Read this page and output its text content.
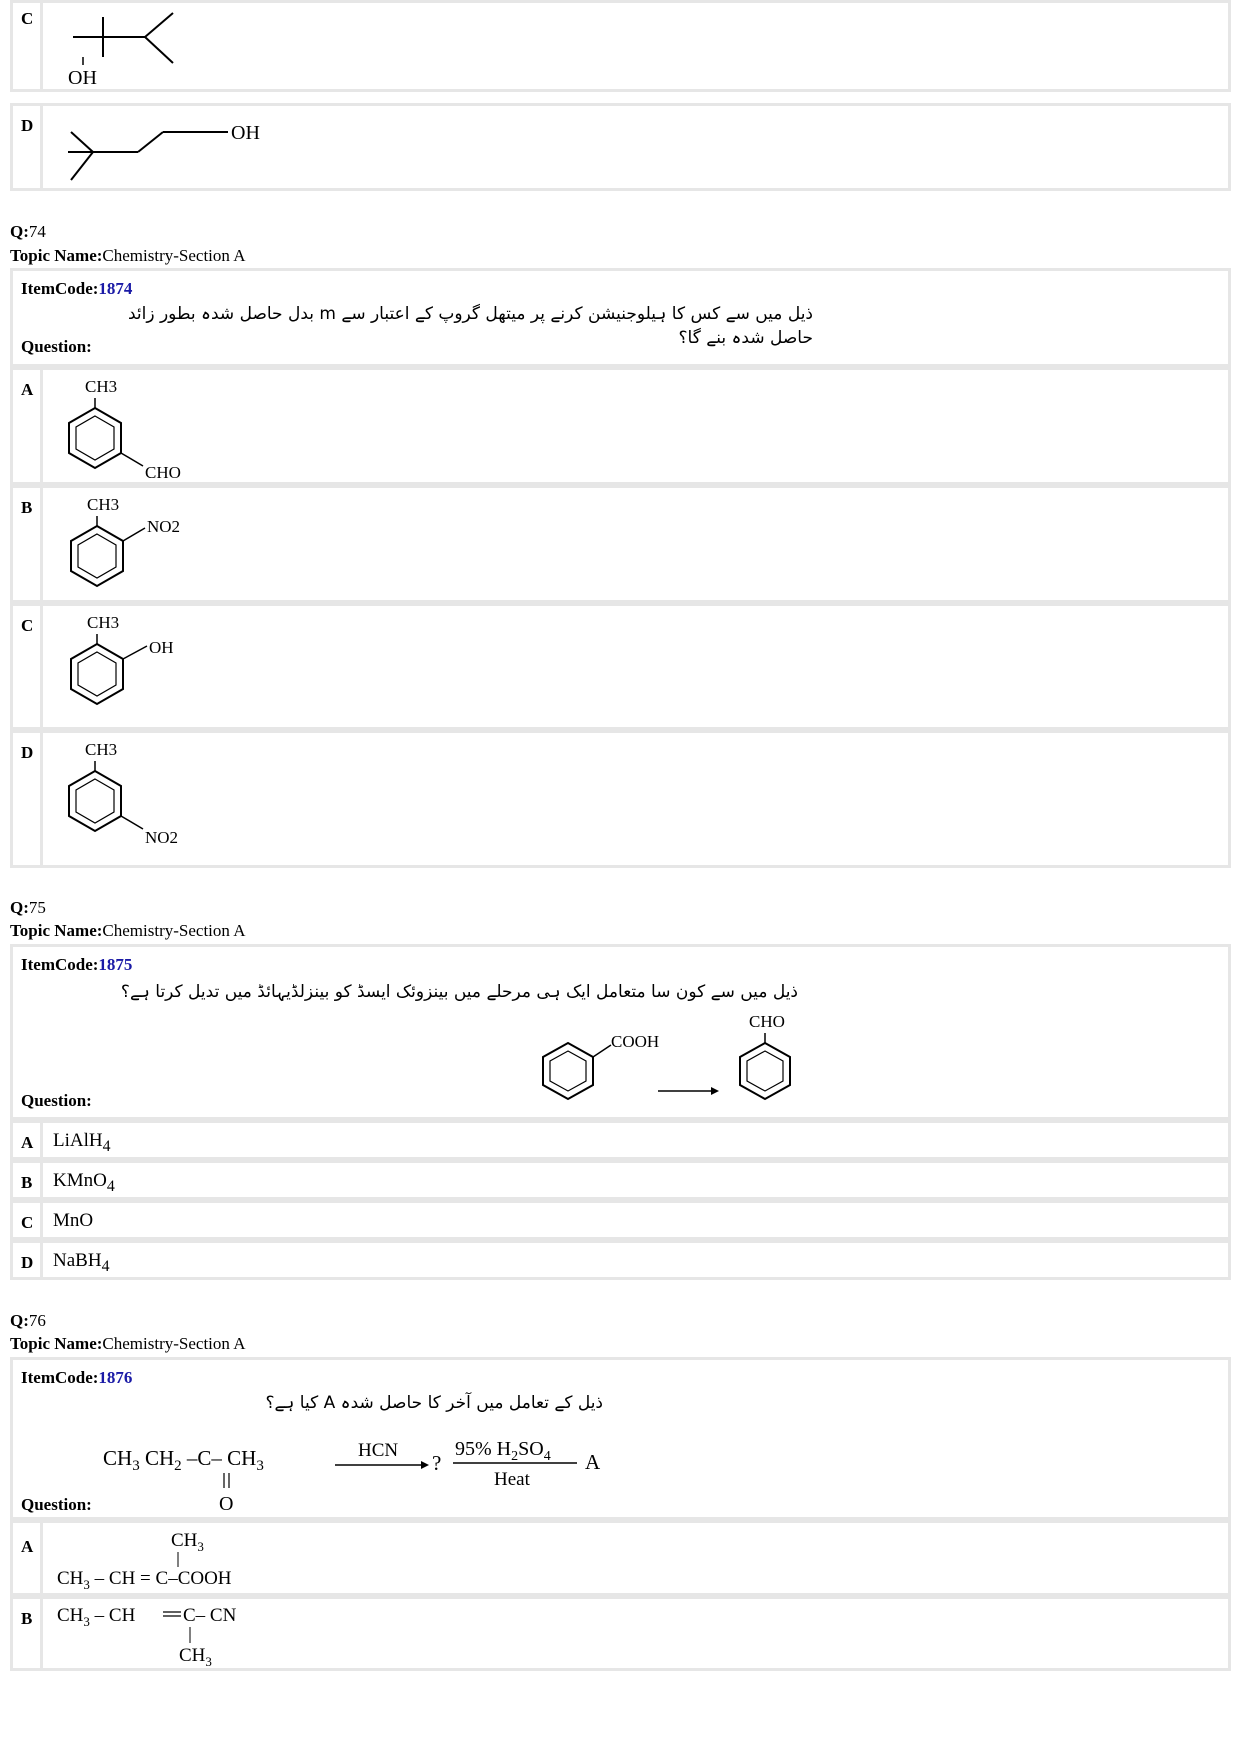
C
OH
D	OH
Q:74
Topic Name:Chemistry-Section A
ItemCode:1874
ذیل میں سے کس کا ہیلوجنیشن کرنے پر میتھل گروپ کے اعتبار سے m بدل حاصل شدہ بطور زائد
حاصل شدہ بنے گا؟
Question:
A	CH3
CHO
B	CH3
NO2
C	CH3
OH
D	CH3
NO2
Q:75
Topic Name:Chemistry-Section A
ItemCode:1875
ذیل میں سے کون سا متعامل ایک ہی مرحلے میں بینزوئک ایسڈ کو بینزلڈیہائڈ میں تدیل کرتا ہے؟
COOH
CHO
Question:
A LiAlH$_4$
B KMnO$_4$
C MnO
D NaBH$_4$
Q:76
Topic Name:Chemistry-Section A
ItemCode:1876
ذیل کے تعامل میں آخر کا حاصل شدہ A کیا ہے؟
$CH_3$ $CH_2$ –C– $CH_3$
O
HCN
?
95% $H_2SO_4$
Heat
A
Question:
A	$CH_3$
$CH_3$ – CH = C–COOH
B $CH_3$ – CH	C– CN
$CH_3$
